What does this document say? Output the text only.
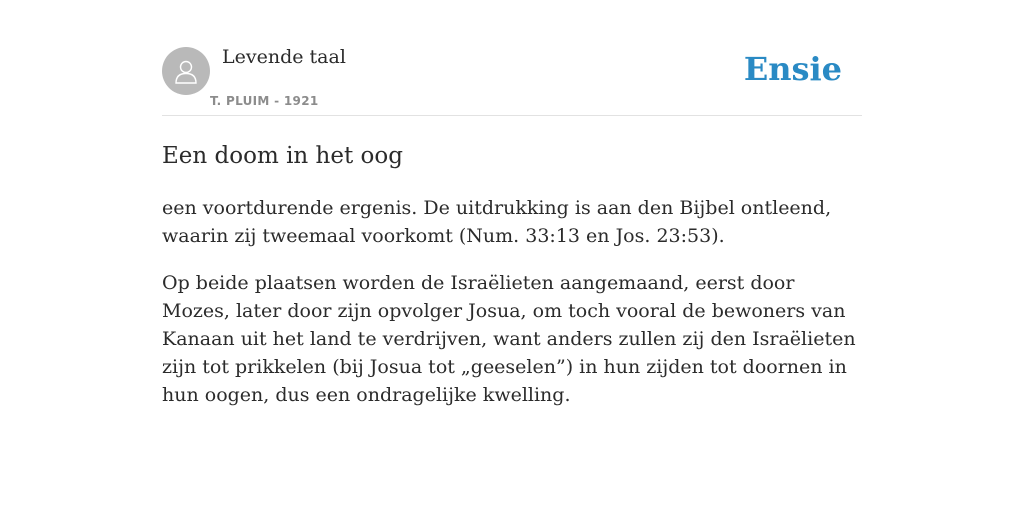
Levende taal
T. PLUIM - 1921
Ensie
Een doom in het oog

een voortdurende ergenis. De uitdrukking is aan den Bijbel ontleend, waarin zij tweemaal voorkomt (Num. 33:13 en Jos. 23:53).

Op beide plaatsen worden de Israëlieten aangemaand, eerst door Mozes, later door zijn opvolger Josua, om toch vooral de bewoners van Kanaan uit het land te verdrijven, want anders zullen zij den Israëlieten zijn tot prikkelen (bij Josua tot „geeselen”) in hun zijden tot doornen in hun oogen, dus een ondragelijke kwelling.
